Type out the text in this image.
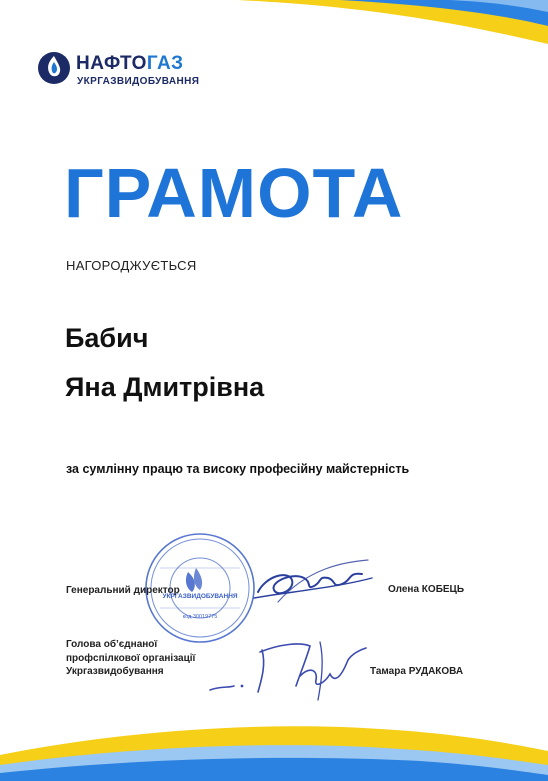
НАФТОГАЗ
УКРГАЗВИДОБУВАННЯ
ГРАМОТА
НАГОРОДЖУЄТЬСЯ
Бабич
Яна Дмитрівна
за сумлінну працю та високу професійну майстерність
УКРГАЗВИДОБУВАННЯ
код 30019775
Генеральний директор	Олена КОБЕЦЬ
Голова об’єднаної
профспілкової організації
Укргазвидобування	Тамара РУДАКОВА
